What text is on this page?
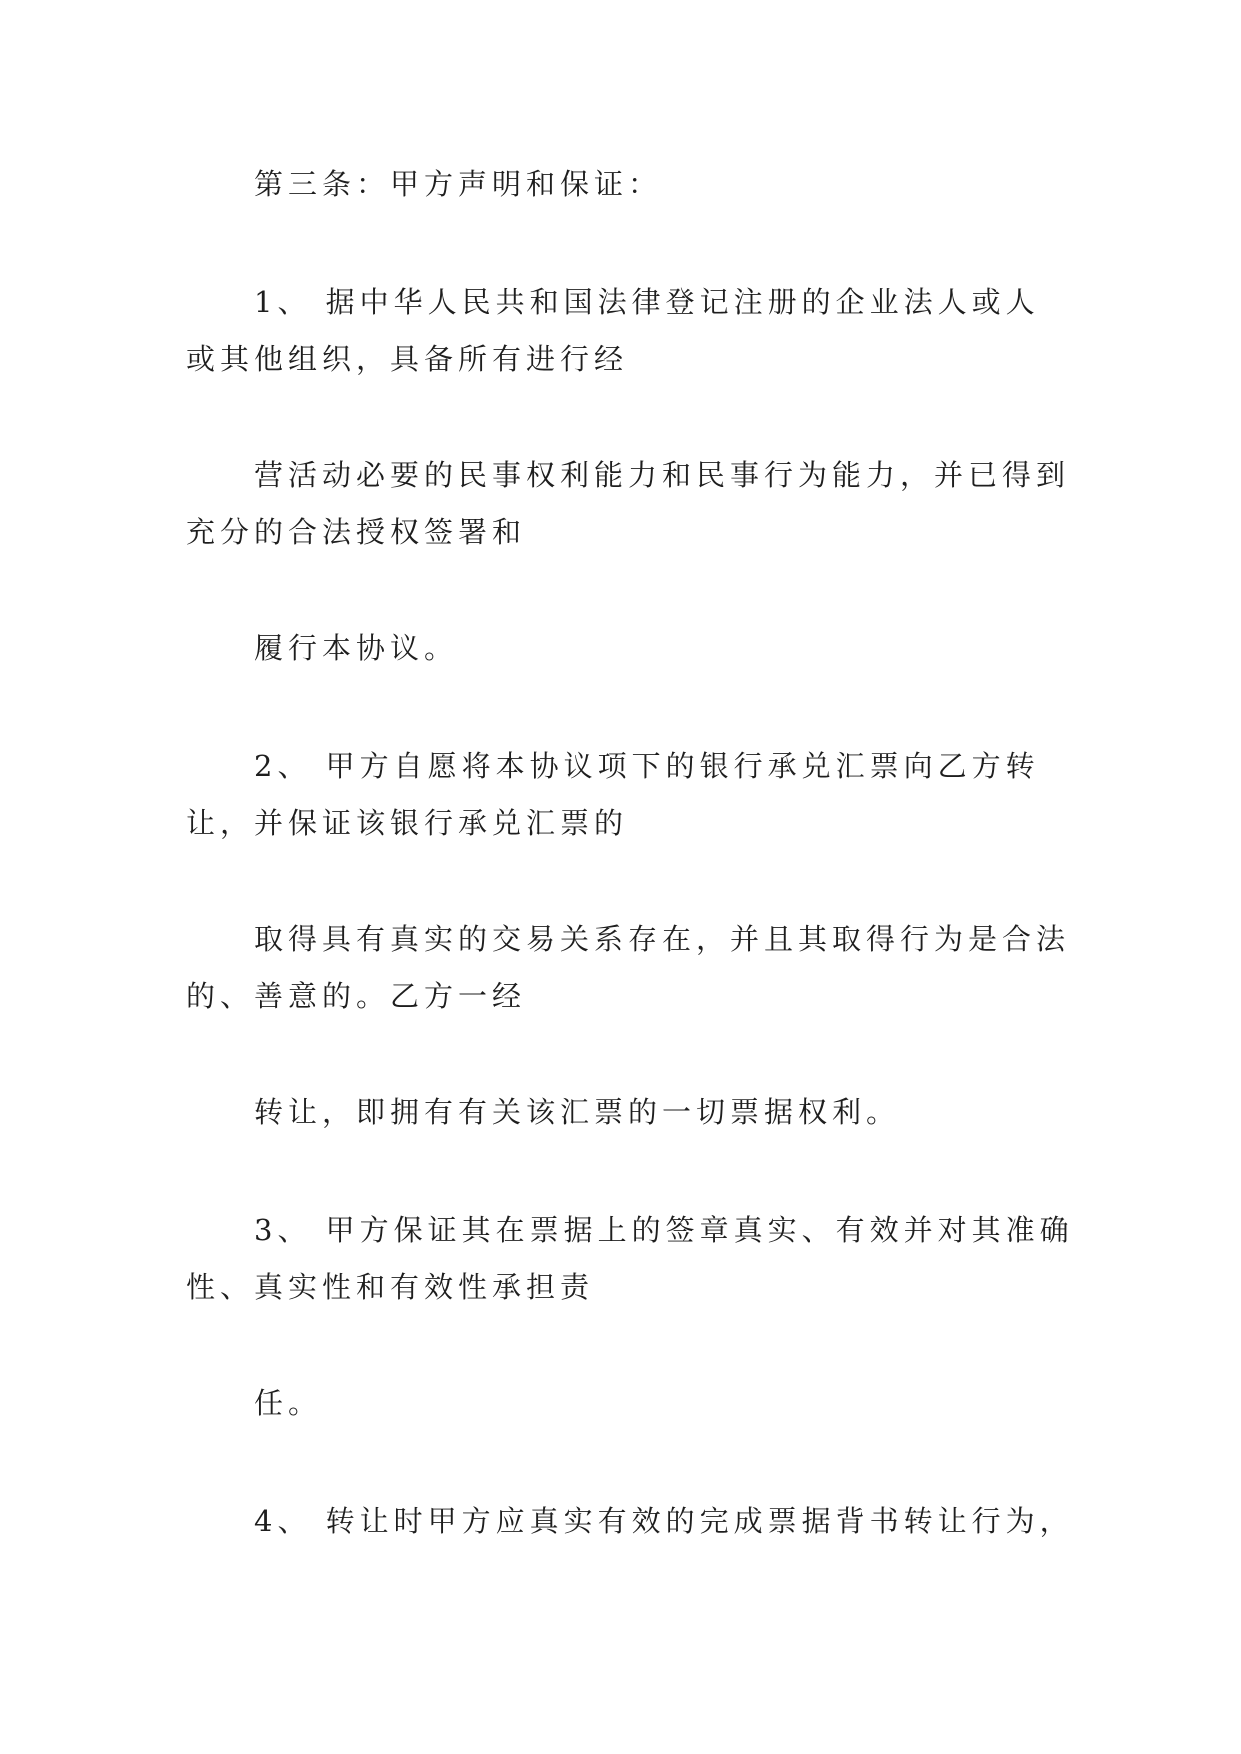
第三条：甲方声明和保证：
1、 据中华人民共和国法律登记注册的企业法人或人
或其他组织，具备所有进行经
营活动必要的民事权利能力和民事行为能力，并已得到
充分的合法授权签署和
履行本协议。
2、 甲方自愿将本协议项下的银行承兑汇票向乙方转
让，并保证该银行承兑汇票的
取得具有真实的交易关系存在，并且其取得行为是合法
的、善意的。乙方一经
转让，即拥有有关该汇票的一切票据权利。
3、 甲方保证其在票据上的签章真实、有效并对其准确
性、真实性和有效性承担责
任。
4、 转让时甲方应真实有效的完成票据背书转让行为，
